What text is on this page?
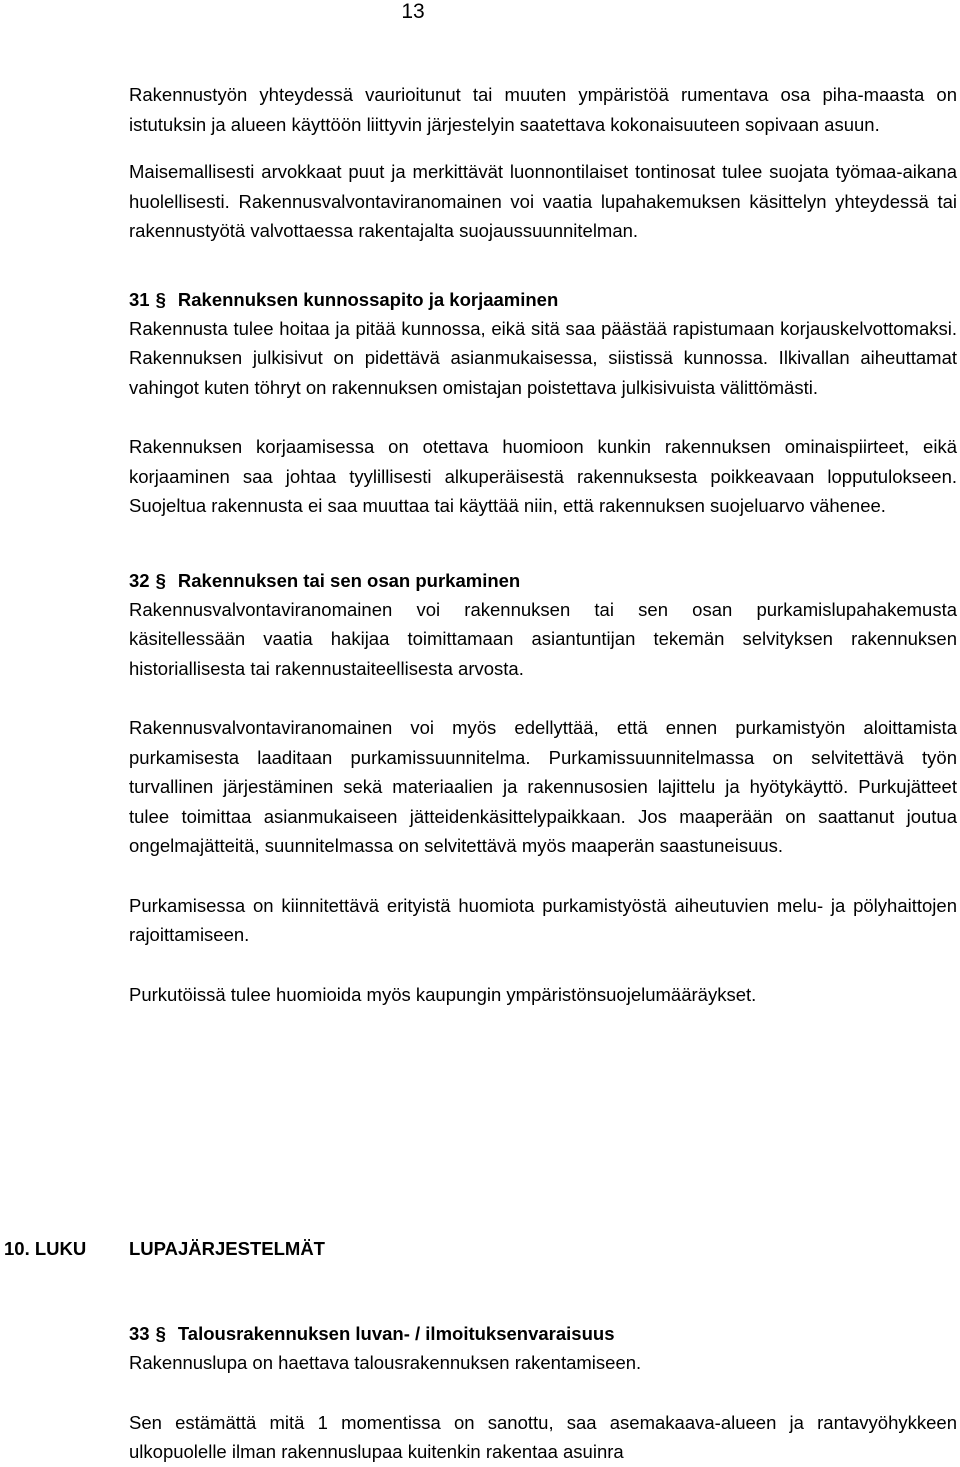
13

Rakennustyön yhteydessä vaurioitunut tai muuten ympäristöä rumentava osa piha-maasta on istutuksin ja alueen käyttöön liittyvin järjestelyin saatettava kokonaisuuteen sopivaan asuun.

Maisemallisesti arvokkaat puut ja merkittävät luonnontilaiset tontinosat tulee suojata työmaa-aikana huolellisesti. Rakennusvalvontaviranomainen voi vaatia lupahakemuksen käsittelyn yhteydessä tai rakennustyötä valvottaessa rakentajalta suojaussuunnitelman.

31 § Rakennuksen kunnossapito ja korjaaminen

Rakennusta tulee hoitaa ja pitää kunnossa, eikä sitä saa päästää rapistumaan korjauskelvottomaksi. Rakennuksen julkisivut on pidettävä asianmukaisessa, siistissä kunnossa. Ilkivallan aiheuttamat vahingot kuten töhryt on rakennuksen omistajan poistettava julkisivuista välittömästi.

Rakennuksen korjaamisessa on otettava huomioon kunkin rakennuksen ominaispiirteet, eikä korjaaminen saa johtaa tyylillisesti alkuperäisestä rakennuksesta poikkeavaan lopputulokseen. Suojeltua rakennusta ei saa muuttaa tai käyttää niin, että rakennuksen suojeluarvo vähenee.

32 § Rakennuksen tai sen osan purkaminen

Rakennusvalvontaviranomainen voi rakennuksen tai sen osan purkamislupahakemusta käsitellessään vaatia hakijaa toimittamaan asiantuntijan tekemän selvityksen rakennuksen historiallisesta tai rakennustaiteellisesta arvosta.

Rakennusvalvontaviranomainen voi myös edellyttää, että ennen purkamistyön aloittamista purkamisesta laaditaan purkamissuunnitelma. Purkamissuunnitelmassa on selvitettävä työn turvallinen järjestäminen sekä materiaalien ja rakennusosien lajittelu ja hyötykäyttö. Purkujätteet tulee toimittaa asianmukaiseen jätteidenkäsittelypaikkaan. Jos maaperään on saattanut joutua ongelmajätteitä, suunnitelmassa on selvitettävä myös maaperän saastuneisuus.

Purkamisessa on kiinnitettävä erityistä huomiota purkamistyöstä aiheutuvien melu- ja pölyhaittojen rajoittamiseen.

Purkutöissä tulee huomioida myös kaupungin ympäristönsuojelumääräykset.

10. LUKU LUPAJÄRJESTELMÄT
33 § Talousrakennuksen luvan- / ilmoituksenvaraisuus

Rakennuslupa on haettava talousrakennuksen rakentamiseen.

Sen estämättä mitä 1 momentissa on sanottu, saa asemakaava-alueen ja rantavyöhykkeen ulkopuolelle ilman rakennuslupaa kuitenkin rakentaa asuinra
